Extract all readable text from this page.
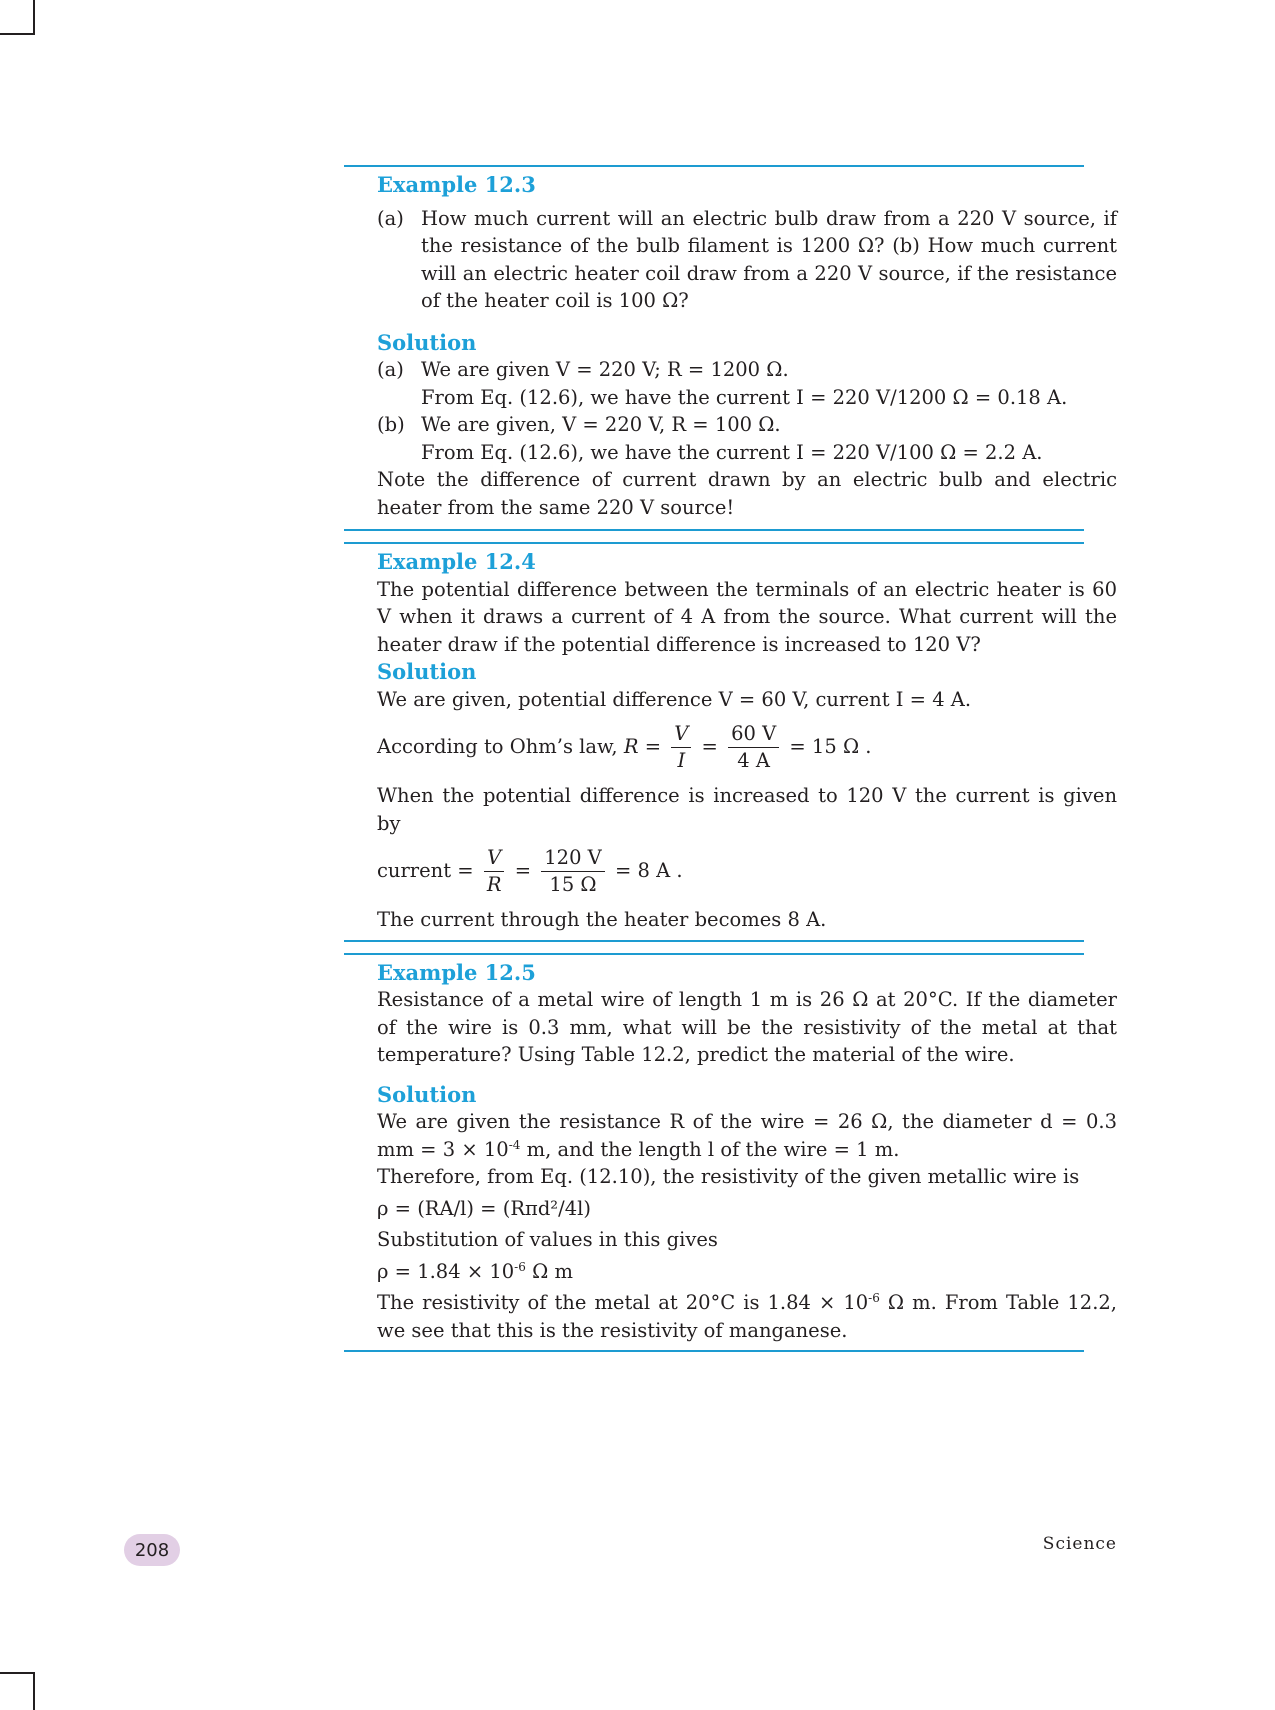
Example 12.3
(a) How much current will an electric bulb draw from a 220 V source, if the resistance of the bulb filament is 1200 Ω? (b) How much current will an electric heater coil draw from a 220 V source, if the resistance of the heater coil is 100 Ω?
Solution
(a) We are given V = 220 V; R = 1200 Ω.

From Eq. (12.6), we have the current I = 220 V/1200 Ω = 0.18 A.

(b) We are given, V = 220 V, R = 100 Ω.

From Eq. (12.6), we have the current I = 220 V/100 Ω = 2.2 A.

Note the difference of current drawn by an electric bulb and electric heater from the same 220 V source!

Example 12.4

The potential difference between the terminals of an electric heater is 60 V when it draws a current of 4 A from the source. What current will the heater draw if the potential difference is increased to 120 V?

Solution

We are given, potential difference V = 60 V, current I = 4 A.

According to Ohm’s law, $R = \frac{V}{I} = \frac{60 V}{4 A} = 15$ Ω .

When the potential difference is increased to 120 V the current is given by

current = $\frac{V}{R} = \frac{120 V}{15 \Omega} = 8$ A .

The current through the heater becomes 8 A.

Example 12.5

Resistance of a metal wire of length 1 m is 26 Ω at 20°C. If the diameter of the wire is 0.3 mm, what will be the resistivity of the metal at that temperature? Using Table 12.2, predict the material of the wire.

Solution

We are given the resistance R of the wire = 26 Ω, the diameter d = 0.3 mm = $3 \times 10^{-4}$ m, and the length l of the wire = 1 m.

Therefore, from Eq. (12.10), the resistivity of the given metallic wire is

ρ = (RA/l) = (Rπd²/4l)

Substitution of values in this gives

$\rho = 1.84 \times 10^{-6}$ Ω m

The resistivity of the metal at 20°C is $1.84 \times 10^{-6}$ Ω m. From Table 12.2, we see that this is the resistivity of manganese.

208	Science
